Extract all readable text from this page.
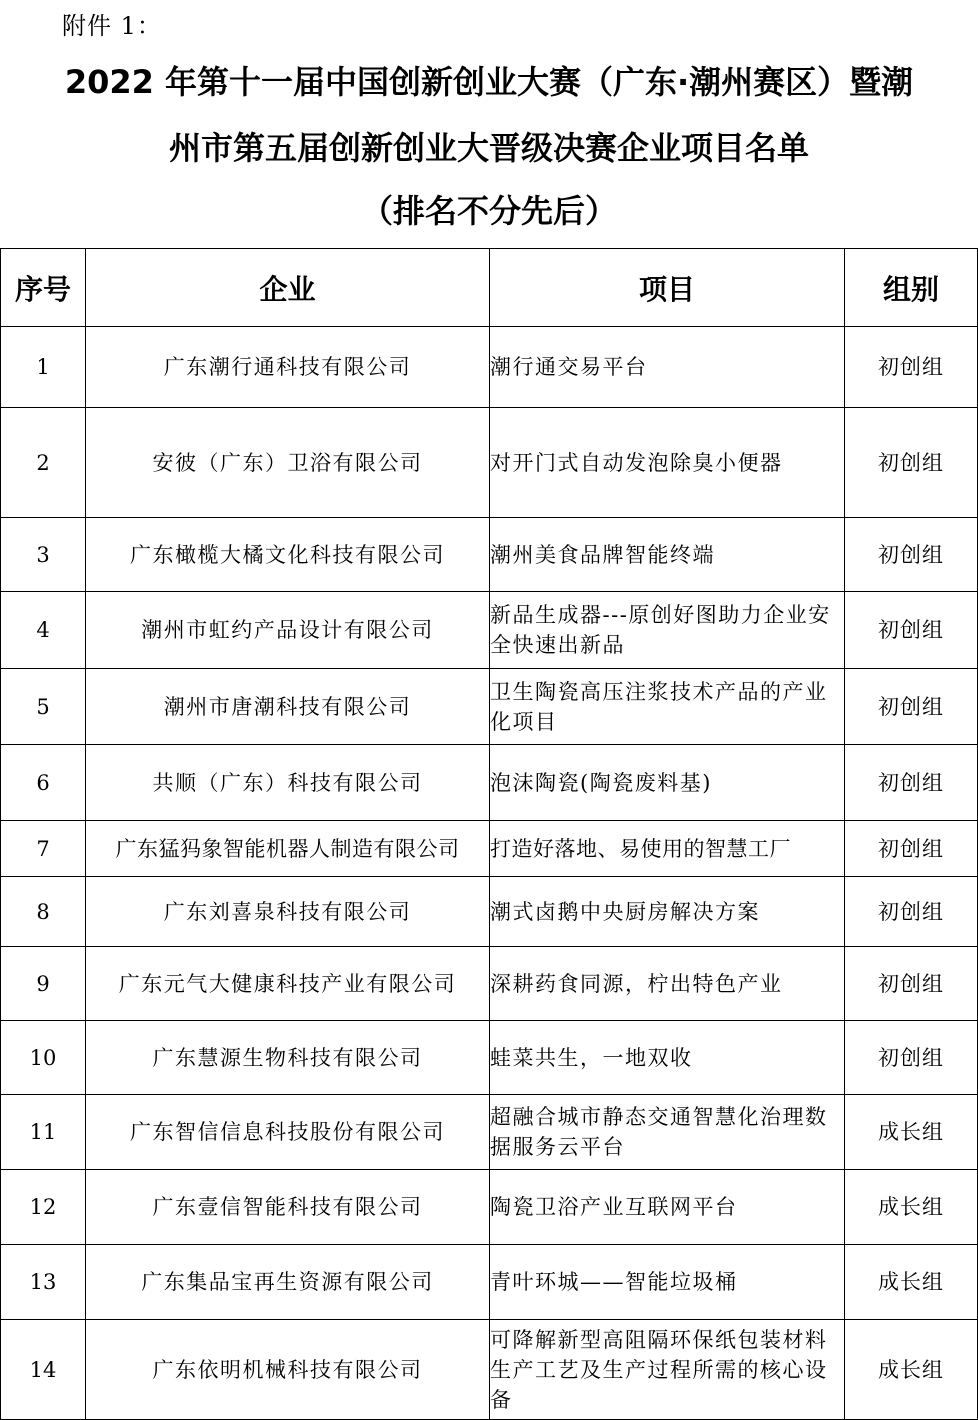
附件 1：
2022 年第十一届中国创新创业大赛（广东·潮州赛区）暨潮
州市第五届创新创业大晋级决赛企业项目名单
（排名不分先后）
序号	企业	项目	组别
1	广东潮行通科技有限公司	潮行通交易平台	初创组
2	安彼（广东）卫浴有限公司	对开门式自动发泡除臭小便器	初创组
3	广东橄榄大橘文化科技有限公司	潮州美食品牌智能终端	初创组
4	潮州市虹约产品设计有限公司	新品生成器---原创好图助力企业安全快速出新品	初创组
5	潮州市唐潮科技有限公司	卫生陶瓷高压注浆技术产品的产业化项目	初创组
6	共顺（广东）科技有限公司	泡沫陶瓷(陶瓷废料基)	初创组
7	广东猛犸象智能机器人制造有限公司	打造好落地、易使用的智慧工厂	初创组
8	广东刘喜泉科技有限公司	潮式卤鹅中央厨房解决方案	初创组
9	广东元气大健康科技产业有限公司	深耕药食同源，柠出特色产业	初创组
10	广东慧源生物科技有限公司	蛙菜共生，一地双收	初创组
11	广东智信信息科技股份有限公司	超融合城市静态交通智慧化治理数据服务云平台	成长组
12	广东壹信智能科技有限公司	陶瓷卫浴产业互联网平台	成长组
13	广东集品宝再生资源有限公司	青叶环城——智能垃圾桶	成长组
14	广东依明机械科技有限公司	可降解新型高阻隔环保纸包装材料生产工艺及生产过程所需的核心设备	成长组
